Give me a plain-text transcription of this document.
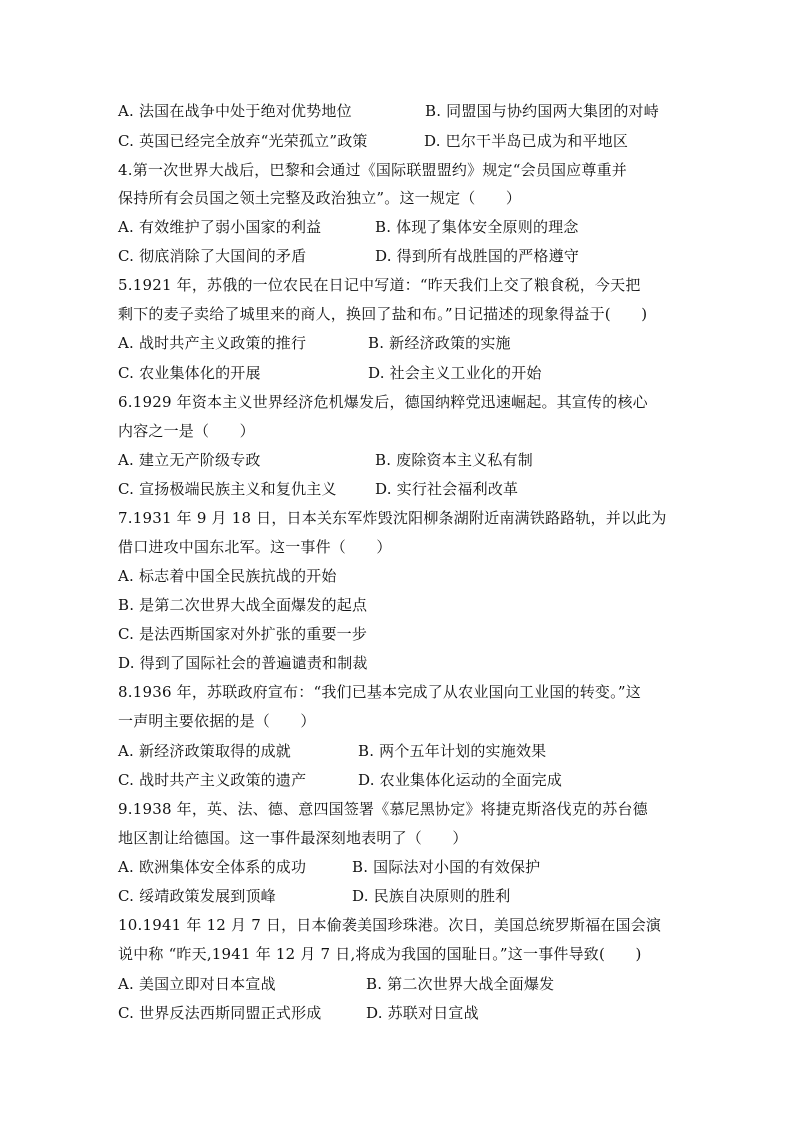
A. 法国在战争中处于绝对优势地位	B. 同盟国与协约国两大集团的对峙
C. 英国已经完全放弃“光荣孤立”政策	D. 巴尔干半岛已成为和平地区
4.第一次世界大战后，巴黎和会通过《国际联盟盟约》规定“会员国应尊重并
保持所有会员国之领土完整及政治独立”。这一规定（　　）
A. 有效维护了弱小国家的利益	B. 体现了集体安全原则的理念
C. 彻底消除了大国间的矛盾	D. 得到所有战胜国的严格遵守
5.1921 年，苏俄的一位农民在日记中写道：“昨天我们上交了粮食税，今天把
剩下的麦子卖给了城里来的商人，换回了盐和布。”日记描述的现象得益于(　　)
A. 战时共产主义政策的推行	B. 新经济政策的实施
C. 农业集体化的开展	D. 社会主义工业化的开始
6.1929 年资本主义世界经济危机爆发后，德国纳粹党迅速崛起。其宣传的核心
内容之一是（　　）
A. 建立无产阶级专政	B. 废除资本主义私有制
C. 宣扬极端民族主义和复仇主义	D. 实行社会福利改革
7.1931 年 9 月 18 日，日本关东军炸毁沈阳柳条湖附近南满铁路路轨，并以此为
借口进攻中国东北军。这一事件（　　）
A. 标志着中国全民族抗战的开始
B. 是第二次世界大战全面爆发的起点
C. 是法西斯国家对外扩张的重要一步
D. 得到了国际社会的普遍谴责和制裁
8.1936 年，苏联政府宣布：“我们已基本完成了从农业国向工业国的转变。”这
一声明主要依据的是（　　）
A. 新经济政策取得的成就	B. 两个五年计划的实施效果
C. 战时共产主义政策的遗产	D. 农业集体化运动的全面完成
9.1938 年，英、法、德、意四国签署《慕尼黑协定》将捷克斯洛伐克的苏台德
地区割让给德国。这一事件最深刻地表明了（　　）
A. 欧洲集体安全体系的成功	B. 国际法对小国的有效保护
C. 绥靖政策发展到顶峰	D. 民族自决原则的胜利
10.1941 年 12 月 7 日，日本偷袭美国珍珠港。次日，美国总统罗斯福在国会演
说中称 “昨天,1941 年 12 月 7 日,将成为我国的国耻日。”这一事件导致(　　)
A. 美国立即对日本宣战	B. 第二次世界大战全面爆发
C. 世界反法西斯同盟正式形成	D. 苏联对日宣战
